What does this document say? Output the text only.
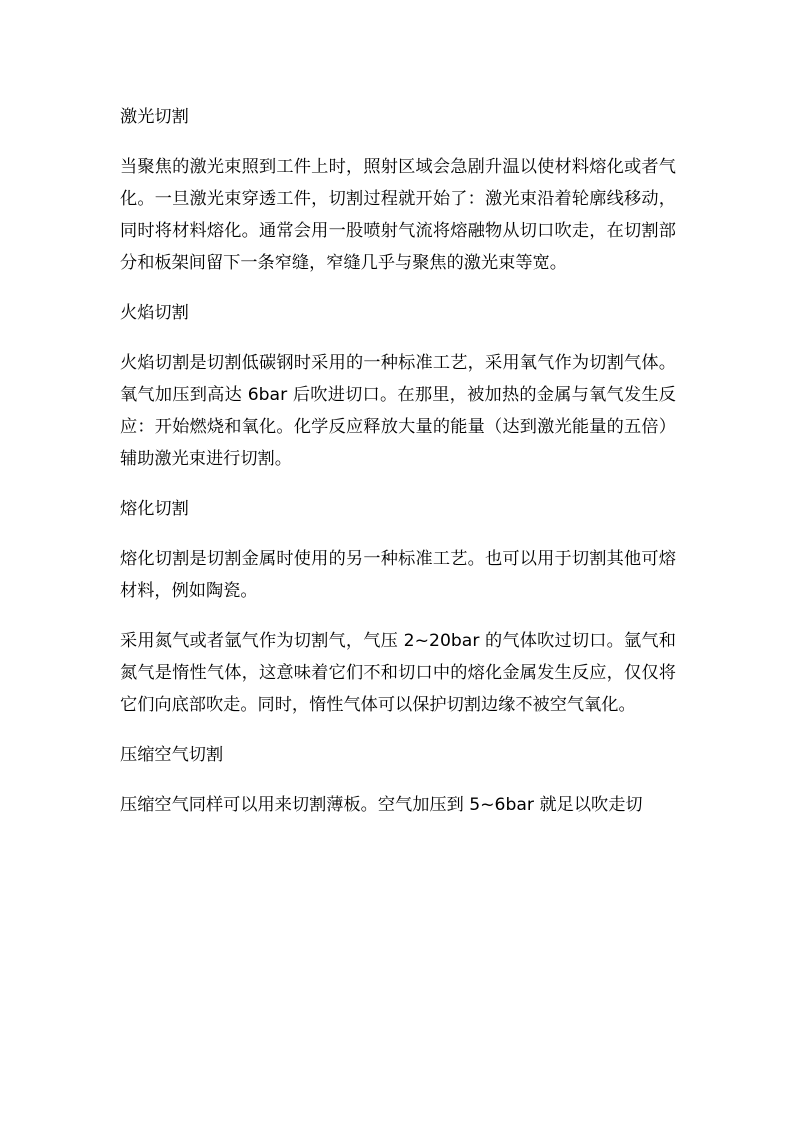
激光切割

当聚焦的激光束照到工件上时，照射区域会急剧升温以使材料熔化或者气化。一旦激光束穿透工件，切割过程就开始了：激光束沿着轮廓线移动，同时将材料熔化。通常会用一股喷射气流将熔融物从切口吹走，在切割部分和板架间留下一条窄缝，窄缝几乎与聚焦的激光束等宽。

火焰切割

火焰切割是切割低碳钢时采用的一种标准工艺，采用氧气作为切割气体。氧气加压到高达 6bar 后吹进切口。在那里，被加热的金属与氧气发生反应：开始燃烧和氧化。化学反应释放大量的能量（达到激光能量的五倍）辅助激光束进行切割。

熔化切割

熔化切割是切割金属时使用的另一种标准工艺。也可以用于切割其他可熔材料，例如陶瓷。

采用氮气或者氩气作为切割气，气压 2~20bar 的气体吹过切口。氩气和氮气是惰性气体，这意味着它们不和切口中的熔化金属发生反应，仅仅将它们向底部吹走。同时，惰性气体可以保护切割边缘不被空气氧化。

压缩空气切割

压缩空气同样可以用来切割薄板。空气加压到 5~6bar 就足以吹走切
